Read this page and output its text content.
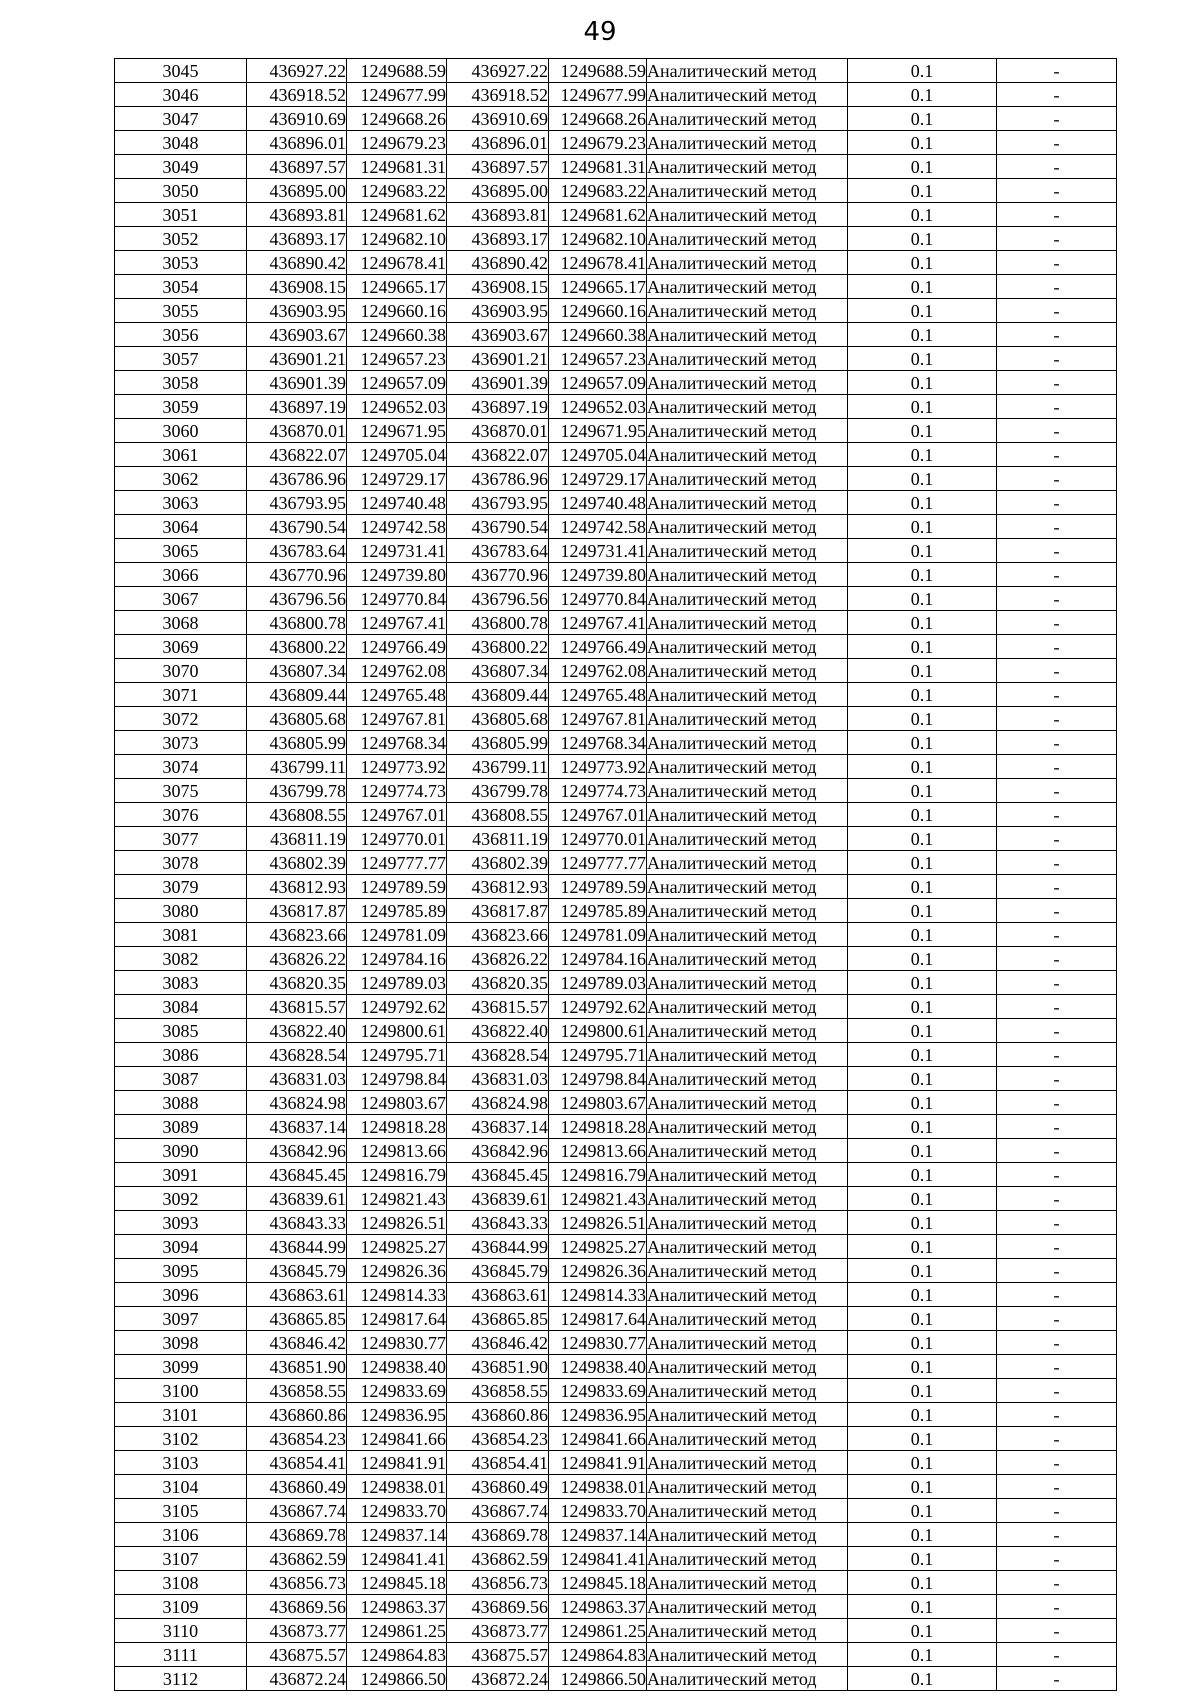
49
3045	436927.22	1249688.59	436927.22	1249688.59	Аналитический метод	0.1	-
3046	436918.52	1249677.99	436918.52	1249677.99	Аналитический метод	0.1	-
3047	436910.69	1249668.26	436910.69	1249668.26	Аналитический метод	0.1	-
3048	436896.01	1249679.23	436896.01	1249679.23	Аналитический метод	0.1	-
3049	436897.57	1249681.31	436897.57	1249681.31	Аналитический метод	0.1	-
3050	436895.00	1249683.22	436895.00	1249683.22	Аналитический метод	0.1	-
3051	436893.81	1249681.62	436893.81	1249681.62	Аналитический метод	0.1	-
3052	436893.17	1249682.10	436893.17	1249682.10	Аналитический метод	0.1	-
3053	436890.42	1249678.41	436890.42	1249678.41	Аналитический метод	0.1	-
3054	436908.15	1249665.17	436908.15	1249665.17	Аналитический метод	0.1	-
3055	436903.95	1249660.16	436903.95	1249660.16	Аналитический метод	0.1	-
3056	436903.67	1249660.38	436903.67	1249660.38	Аналитический метод	0.1	-
3057	436901.21	1249657.23	436901.21	1249657.23	Аналитический метод	0.1	-
3058	436901.39	1249657.09	436901.39	1249657.09	Аналитический метод	0.1	-
3059	436897.19	1249652.03	436897.19	1249652.03	Аналитический метод	0.1	-
3060	436870.01	1249671.95	436870.01	1249671.95	Аналитический метод	0.1	-
3061	436822.07	1249705.04	436822.07	1249705.04	Аналитический метод	0.1	-
3062	436786.96	1249729.17	436786.96	1249729.17	Аналитический метод	0.1	-
3063	436793.95	1249740.48	436793.95	1249740.48	Аналитический метод	0.1	-
3064	436790.54	1249742.58	436790.54	1249742.58	Аналитический метод	0.1	-
3065	436783.64	1249731.41	436783.64	1249731.41	Аналитический метод	0.1	-
3066	436770.96	1249739.80	436770.96	1249739.80	Аналитический метод	0.1	-
3067	436796.56	1249770.84	436796.56	1249770.84	Аналитический метод	0.1	-
3068	436800.78	1249767.41	436800.78	1249767.41	Аналитический метод	0.1	-
3069	436800.22	1249766.49	436800.22	1249766.49	Аналитический метод	0.1	-
3070	436807.34	1249762.08	436807.34	1249762.08	Аналитический метод	0.1	-
3071	436809.44	1249765.48	436809.44	1249765.48	Аналитический метод	0.1	-
3072	436805.68	1249767.81	436805.68	1249767.81	Аналитический метод	0.1	-
3073	436805.99	1249768.34	436805.99	1249768.34	Аналитический метод	0.1	-
3074	436799.11	1249773.92	436799.11	1249773.92	Аналитический метод	0.1	-
3075	436799.78	1249774.73	436799.78	1249774.73	Аналитический метод	0.1	-
3076	436808.55	1249767.01	436808.55	1249767.01	Аналитический метод	0.1	-
3077	436811.19	1249770.01	436811.19	1249770.01	Аналитический метод	0.1	-
3078	436802.39	1249777.77	436802.39	1249777.77	Аналитический метод	0.1	-
3079	436812.93	1249789.59	436812.93	1249789.59	Аналитический метод	0.1	-
3080	436817.87	1249785.89	436817.87	1249785.89	Аналитический метод	0.1	-
3081	436823.66	1249781.09	436823.66	1249781.09	Аналитический метод	0.1	-
3082	436826.22	1249784.16	436826.22	1249784.16	Аналитический метод	0.1	-
3083	436820.35	1249789.03	436820.35	1249789.03	Аналитический метод	0.1	-
3084	436815.57	1249792.62	436815.57	1249792.62	Аналитический метод	0.1	-
3085	436822.40	1249800.61	436822.40	1249800.61	Аналитический метод	0.1	-
3086	436828.54	1249795.71	436828.54	1249795.71	Аналитический метод	0.1	-
3087	436831.03	1249798.84	436831.03	1249798.84	Аналитический метод	0.1	-
3088	436824.98	1249803.67	436824.98	1249803.67	Аналитический метод	0.1	-
3089	436837.14	1249818.28	436837.14	1249818.28	Аналитический метод	0.1	-
3090	436842.96	1249813.66	436842.96	1249813.66	Аналитический метод	0.1	-
3091	436845.45	1249816.79	436845.45	1249816.79	Аналитический метод	0.1	-
3092	436839.61	1249821.43	436839.61	1249821.43	Аналитический метод	0.1	-
3093	436843.33	1249826.51	436843.33	1249826.51	Аналитический метод	0.1	-
3094	436844.99	1249825.27	436844.99	1249825.27	Аналитический метод	0.1	-
3095	436845.79	1249826.36	436845.79	1249826.36	Аналитический метод	0.1	-
3096	436863.61	1249814.33	436863.61	1249814.33	Аналитический метод	0.1	-
3097	436865.85	1249817.64	436865.85	1249817.64	Аналитический метод	0.1	-
3098	436846.42	1249830.77	436846.42	1249830.77	Аналитический метод	0.1	-
3099	436851.90	1249838.40	436851.90	1249838.40	Аналитический метод	0.1	-
3100	436858.55	1249833.69	436858.55	1249833.69	Аналитический метод	0.1	-
3101	436860.86	1249836.95	436860.86	1249836.95	Аналитический метод	0.1	-
3102	436854.23	1249841.66	436854.23	1249841.66	Аналитический метод	0.1	-
3103	436854.41	1249841.91	436854.41	1249841.91	Аналитический метод	0.1	-
3104	436860.49	1249838.01	436860.49	1249838.01	Аналитический метод	0.1	-
3105	436867.74	1249833.70	436867.74	1249833.70	Аналитический метод	0.1	-
3106	436869.78	1249837.14	436869.78	1249837.14	Аналитический метод	0.1	-
3107	436862.59	1249841.41	436862.59	1249841.41	Аналитический метод	0.1	-
3108	436856.73	1249845.18	436856.73	1249845.18	Аналитический метод	0.1	-
3109	436869.56	1249863.37	436869.56	1249863.37	Аналитический метод	0.1	-
3110	436873.77	1249861.25	436873.77	1249861.25	Аналитический метод	0.1	-
3111	436875.57	1249864.83	436875.57	1249864.83	Аналитический метод	0.1	-
3112	436872.24	1249866.50	436872.24	1249866.50	Аналитический метод	0.1	-
